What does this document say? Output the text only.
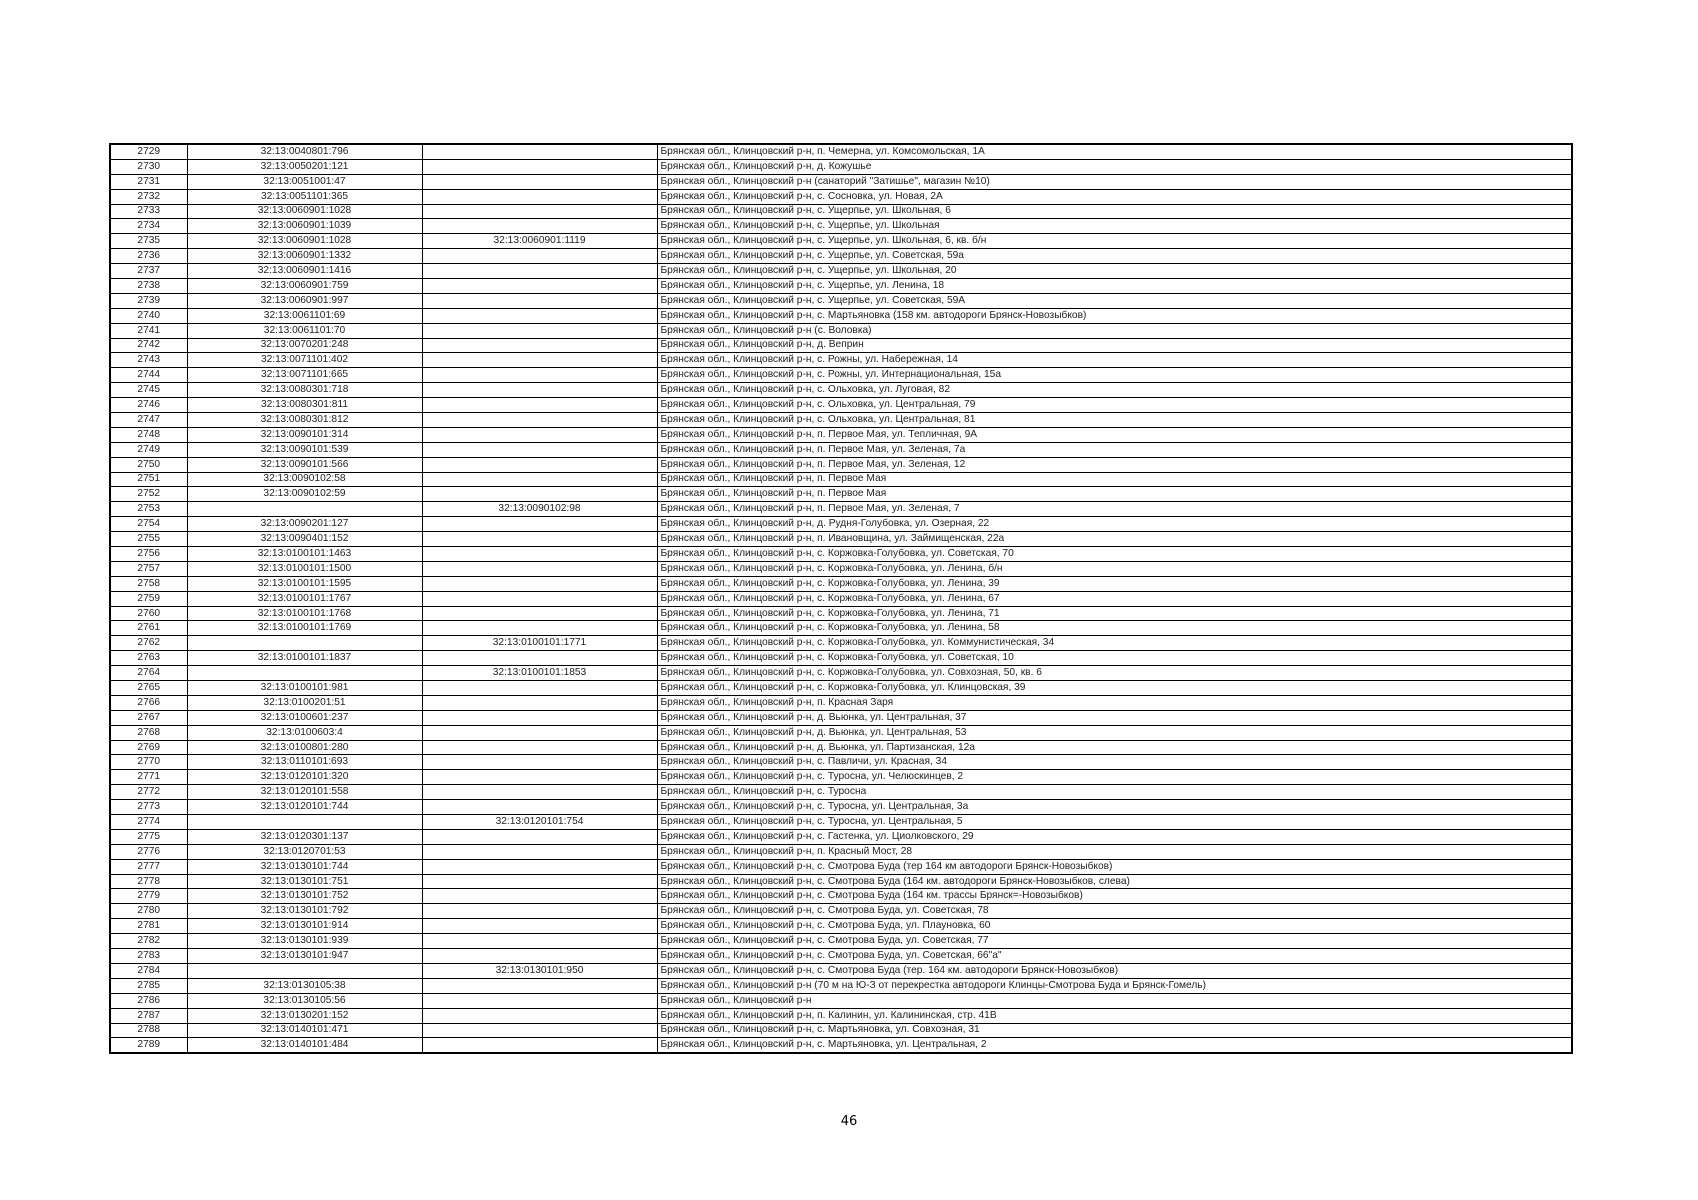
2729	32:13:0040801:796		Брянская обл., Клинцовский р-н, п. Чемерна, ул. Комсомольская, 1А
2730	32:13:0050201:121		Брянская обл., Клинцовский р-н, д. Кожушье
2731	32:13:0051001:47		Брянская обл., Клинцовский р-н (санаторий "Затишье", магазин №10)
2732	32:13:0051101:365		Брянская обл., Клинцовский р-н, с. Сосновка, ул. Новая, 2А
2733	32:13:0060901:1028		Брянская обл., Клинцовский р-н, с. Ущерпье, ул. Школьная, 6
2734	32:13:0060901:1039		Брянская обл., Клинцовский р-н, с. Ущерпье, ул. Школьная
2735	32:13:0060901:1028	32:13:0060901:1119	Брянская обл., Клинцовский р-н, с. Ущерпье, ул. Школьная, 6, кв. б/н
2736	32:13:0060901:1332		Брянская обл., Клинцовский р-н, с. Ущерпье, ул. Советская, 59а
2737	32:13:0060901:1416		Брянская обл., Клинцовский р-н, с. Ущерпье, ул. Школьная, 20
2738	32:13:0060901:759		Брянская обл., Клинцовский р-н, с. Ущерпье, ул. Ленина, 18
2739	32:13:0060901:997		Брянская обл., Клинцовский р-н, с. Ущерпье, ул. Советская, 59А
2740	32:13:0061101:69		Брянская обл., Клинцовский р-н, с. Мартьяновка (158 км. автодороги Брянск-Новозыбков)
2741	32:13:0061101:70		Брянская обл., Клинцовский р-н (с. Воловка)
2742	32:13:0070201:248		Брянская обл., Клинцовский р-н, д. Веприн
2743	32:13:0071101:402		Брянская обл., Клинцовский р-н, с. Рожны, ул. Набережная, 14
2744	32:13:0071101:665		Брянская обл., Клинцовский р-н, с. Рожны, ул. Интернациональная, 15а
2745	32:13:0080301:718		Брянская обл., Клинцовский р-н, с. Ольховка, ул. Луговая, 82
2746	32:13:0080301:811		Брянская обл., Клинцовский р-н, с. Ольховка, ул. Центральная, 79
2747	32:13:0080301:812		Брянская обл., Клинцовский р-н, с. Ольховка, ул. Центральная, 81
2748	32:13:0090101:314		Брянская обл., Клинцовский р-н, п. Первое Мая, ул. Тепличная, 9А
2749	32:13:0090101:539		Брянская обл., Клинцовский р-н, п. Первое Мая, ул. Зеленая, 7а
2750	32:13:0090101:566		Брянская обл., Клинцовский р-н, п. Первое Мая, ул. Зеленая, 12
2751	32:13:0090102:58		Брянская обл., Клинцовский р-н, п. Первое Мая
2752	32:13:0090102:59		Брянская обл., Клинцовский р-н, п. Первое Мая
2753		32:13:0090102:98	Брянская обл., Клинцовский р-н, п. Первое Мая, ул. Зеленая, 7
2754	32:13:0090201:127		Брянская обл., Клинцовский р-н, д. Рудня-Голубовка, ул. Озерная, 22
2755	32:13:0090401:152		Брянская обл., Клинцовский р-н, п. Ивановщина, ул. Займищенская, 22а
2756	32:13:0100101:1463		Брянская обл., Клинцовский р-н, с. Коржовка-Голубовка, ул. Советская, 70
2757	32:13:0100101:1500		Брянская обл., Клинцовский р-н, с. Коржовка-Голубовка, ул. Ленина, б/н
2758	32:13:0100101:1595		Брянская обл., Клинцовский р-н, с. Коржовка-Голубовка, ул. Ленина, 39
2759	32:13:0100101:1767		Брянская обл., Клинцовский р-н, с. Коржовка-Голубовка, ул. Ленина, 67
2760	32:13:0100101:1768		Брянская обл., Клинцовский р-н, с. Коржовка-Голубовка, ул. Ленина, 71
2761	32:13:0100101:1769		Брянская обл., Клинцовский р-н, с. Коржовка-Голубовка, ул. Ленина, 58
2762		32:13:0100101:1771	Брянская обл., Клинцовский р-н, с. Коржовка-Голубовка, ул. Коммунистическая, 34
2763	32:13:0100101:1837		Брянская обл., Клинцовский р-н, с. Коржовка-Голубовка, ул. Советская, 10
2764		32:13:0100101:1853	Брянская обл., Клинцовский р-н, с. Коржовка-Голубовка, ул. Совхозная, 50, кв. 6
2765	32:13:0100101:981		Брянская обл., Клинцовский р-н, с. Коржовка-Голубовка, ул. Клинцовская, 39
2766	32:13:0100201:51		Брянская обл., Клинцовский р-н, п. Красная Заря
2767	32:13:0100601:237		Брянская обл., Клинцовский р-н, д. Вьюнка, ул. Центральная, 37
2768	32:13:0100603:4		Брянская обл., Клинцовский р-н, д. Вьюнка, ул. Центральная, 53
2769	32:13:0100801:280		Брянская обл., Клинцовский р-н, д. Вьюнка, ул. Партизанская, 12а
2770	32:13:0110101:693		Брянская обл., Клинцовский р-н, с. Павличи, ул. Красная, 34
2771	32:13:0120101:320		Брянская обл., Клинцовский р-н, с. Туросна, ул. Челюскинцев, 2
2772	32:13:0120101:558		Брянская обл., Клинцовский р-н, с. Туросна
2773	32:13:0120101:744		Брянская обл., Клинцовский р-н, с. Туросна, ул. Центральная, 3а
2774		32:13:0120101:754	Брянская обл., Клинцовский р-н, с. Туросна, ул. Центральная, 5
2775	32:13:0120301:137		Брянская обл., Клинцовский р-н, с. Гастенка, ул. Циолковского, 29
2776	32:13:0120701:53		Брянская обл., Клинцовский р-н, п. Красный Мост, 28
2777	32:13:0130101:744		Брянская обл., Клинцовский р-н, с. Смотрова Буда (тер 164 км автодороги Брянск-Новозыбков)
2778	32:13:0130101:751		Брянская обл., Клинцовский р-н, с. Смотрова Буда (164 км. автодороги Брянск-Новозыбков, слева)
2779	32:13:0130101:752		Брянская обл., Клинцовский р-н, с. Смотрова Буда (164 км. трассы Брянск=-Новозыбков)
2780	32:13:0130101:792		Брянская обл., Клинцовский р-н, с. Смотрова Буда, ул. Советская, 78
2781	32:13:0130101:914		Брянская обл., Клинцовский р-н, с. Смотрова Буда, ул. Плауновка, 60
2782	32:13:0130101:939		Брянская обл., Клинцовский р-н, с. Смотрова Буда, ул. Советская, 77
2783	32:13:0130101:947		Брянская обл., Клинцовский р-н, с. Смотрова Буда, ул. Советская, 66"а"
2784		32:13:0130101:950	Брянская обл., Клинцовский р-н, с. Смотрова Буда (тер. 164 км. автодороги Брянск-Новозыбков)
2785	32:13:0130105:38		Брянская обл., Клинцовский р-н (70 м на Ю-З от перекрестка автодороги Клинцы-Смотрова Буда и Брянск-Гомель)
2786	32:13:0130105:56		Брянская обл., Клинцовский р-н
2787	32:13:0130201:152		Брянская обл., Клинцовский р-н, п. Калинин, ул. Калининская, стр. 41В
2788	32:13:0140101:471		Брянская обл., Клинцовский р-н, с. Мартьяновка, ул. Совхозная, 31
2789	32:13:0140101:484		Брянская обл., Клинцовский р-н, с. Мартьяновка, ул. Центральная, 2
46
